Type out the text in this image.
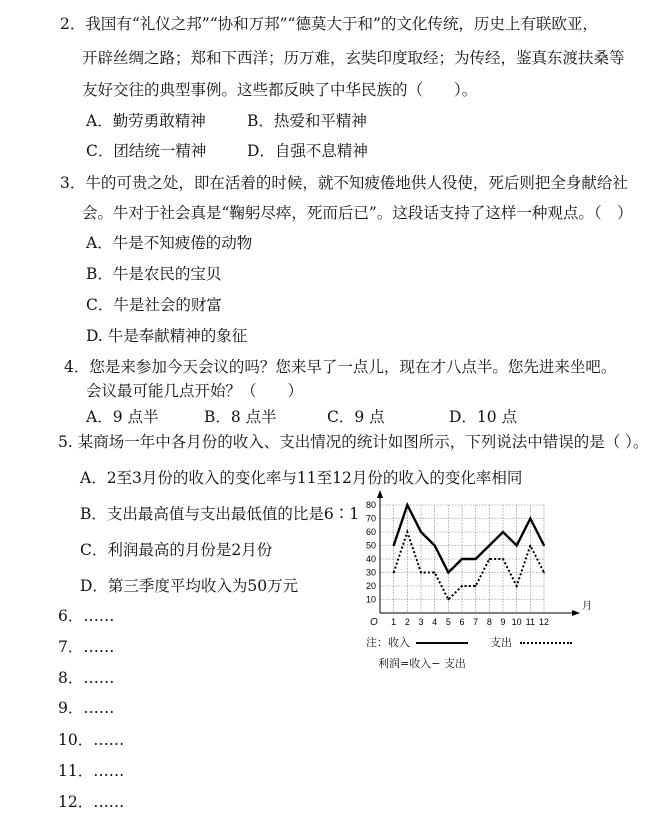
2．我国有“礼仪之邦”“协和万邦”“德莫大于和”的文化传统，历史上有联欧亚，
开辟丝绸之路；郑和下西洋；历万难，玄奘印度取经；为传经，鉴真东渡扶桑等
友好交往的典型事例。这些都反映了中华民族的（　　）。
A．勤劳勇敢精神	B．热爱和平精神
C．团结统一精神	D．自强不息精神
3．牛的可贵之处，即在活着的时候，就不知疲倦地供人役使，死后则把全身献给社
会。牛对于社会真是“鞠躬尽瘁，死而后已”。这段话支持了这样一种观点。（　）
A．牛是不知疲倦的动物
B．牛是农民的宝贝
C．牛是社会的财富
D. 牛是奉献精神的象征
4．您是来参加今天会议的吗？您来早了一点儿，现在才八点半。您先进来坐吧。
会议最可能几点开始？（　　）
A．9 点半	B．8 点半	C．9 点	D．10 点
5. 某商场一年中各月份的收入、支出情况的统计如图所示，下列说法中错误的是（ ）。
A．2至3月份的收入的变化率与11至12月份的收入的变化率相同
B．支出最高值与支出最低值的比是6∶1
C．利润最高的月份是2月份
D．第三季度平均收入为50万元
10
20
30
40
50
60
70
80
1 2 3 4 5 6 7 8 9 10 11 12
O
月
注：收入	支出
利润=收入− 支出
6．……
7．……
8．……
9．……
10．……
11．……
12．……
